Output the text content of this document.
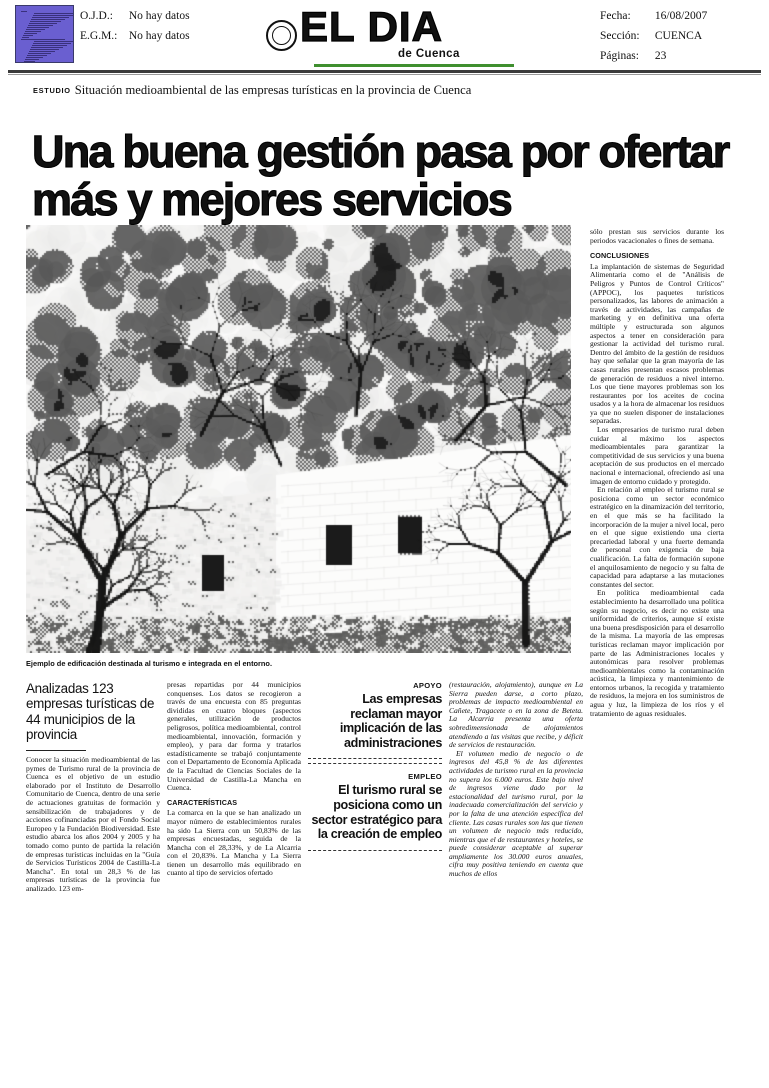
O.J.D.: No hay datos
E.G.M.: No hay datos	EL DIA
de Cuenca
Fecha: 16/08/2007
Sección: CUENCA
Páginas: 23
ESTUDIO Situación medioambiental de las empresas turísticas en la provincia de Cuenca
Una buena gestión pasa por ofertar más y mejores servicios
Ejemplo de edificación destinada al turismo e integrada en el entorno.
Analizadas 123 empresas turísticas de 44 municipios de la provincia

Conocer la situación medioambiental de las pymes de Turismo rural de la provincia de Cuenca es el objetivo de un estudio elaborado por el Instituto de Desarrollo Comunitario de Cuenca, dentro de una serie de actuaciones gratuitas de formación y sensibilización de trabajadores y de acciones cofinanciadas por el Fondo Social Europeo y la Fundación Biodiversidad. Este estudio abarca los años 2004 y 2005 y ha tomado como punto de partida la relación de empresas turísticas incluidas en la "Guía de Servicios Turísticos 2004 de Castilla-La Mancha". En total un 28,3 % de las empresas turísticas de la provincia fue analizado. 123 em-

presas repartidas por 44 municipios conquenses. Los datos se recogieron a través de una encuesta con 85 preguntas divididas en cuatro bloques (aspectos generales, utilización de productos peligrosos, política medioambiental, control medioambiental, innovación, formación y empleo), y para dar forma y tratarlos estadísticamente se trabajó conjuntamente con el Departamento de Economía Aplicada de la Facultad de Ciencias Sociales de la Universidad de Castilla-La Mancha en Cuenca.

CARACTERÍSTICAS

La comarca en la que se han analizado un mayor número de establecimientos rurales ha sido La Sierra con un 50,83% de las empresas encuestadas, seguida de la Mancha con el 28,33%, y de La Alcarria con el 20,83%. La Mancha y La Sierra tienen un desarrollo más equilibrado en cuanto al tipo de servicios ofertado

APOYO
Las empresas reclaman mayor implicación de las administraciones
EMPLEO
El turismo rural se posiciona como un sector estratégico para la creación de empleo

(restauración, alojamiento), aunque en La Sierra pueden darse, a corto plazo, problemas de impacto medioambiental en Cañete, Tragacete o en la zona de Beteta. La Alcarria presenta una oferta sobredimensionada de alojamientos atendiendo a las visitas que recibe, y déficit de servicios de restauración.

El volumen medio de negocio o de ingresos del 45,8 % de las diferentes actividades de turismo rural en la provincia no supera los 6.000 euros. Este bajo nivel de ingresos viene dado por la estacionalidad del turismo rural, por la inadecuada comercialización del servicio y por la falta de una atención específica del cliente. Las casas rurales son las que tienen un volumen de negocio más reducido, mientras que el de restaurantes y hoteles, se puede considerar aceptable al superar ampliamente los 30.000 euros anuales, cifra muy positiva teniendo en cuenta que muchos de ellos

sólo prestan sus servicios durante los periodos vacacionales o fines de semana.

CONCLUSIONES

La implantación de sistemas de Seguridad Alimentaria como el de "Análisis de Peligros y Puntos de Control Críticos" (APPOC), los paquetes turísticos personalizados, las labores de animación a través de actividades, las campañas de marketing y en definitiva una oferta múltiple y estructurada son algunos aspectos a tener en consideración para gestionar la actividad del turismo rural. Dentro del ámbito de la gestión de residuos hay que señalar que la gran mayoría de las casas rurales presentan escasos problemas de generación de residuos a nivel interno. Los que tiene mayores problemas son los restaurantes por los aceites de cocina usados y a la hora de almacenar los residuos ya que no suelen disponer de instalaciones separadas.

Los empresarios de turismo rural deben cuidar al máximo los aspectos medioambientales para garantizar la competitividad de sus servicios y una buena aceptación de sus productos en el mercado nacional e internacional, ofreciendo así una imagen de entorno cuidado y protegido.

En relación al empleo el turismo rural se posiciona como un sector económico estratégico en la dinamización del territorio, en el que más se ha facilitado la incorporación de la mujer a nivel local, pero en el que sigue existiendo una cierta precariedad laboral y una fuerte demanda de personal con exigencia de baja cualificación. La falta de formación supone el anquilosamiento de negocio y su falta de capacidad para adaptarse a las mutaciones constantes del sector.

En política medioambiental cada establecimiento ha desarrollado una política según su negocio, es decir no existe una uniformidad de criterios, aunque sí existe una buena presdisposición para el desarrollo de la misma. La mayoría de las empresas turísticas reclaman mayor implicación por parte de las Administraciones locales y autonómicas para resolver problemas medioambientales como la contaminación acústica, la limpieza y mantenimiento de entornos urbanos, la recogida y tratamiento de residuos, la mejora en los suministros de agua y luz, la limpieza de los ríos y el tratamiento de aguas residuales.
